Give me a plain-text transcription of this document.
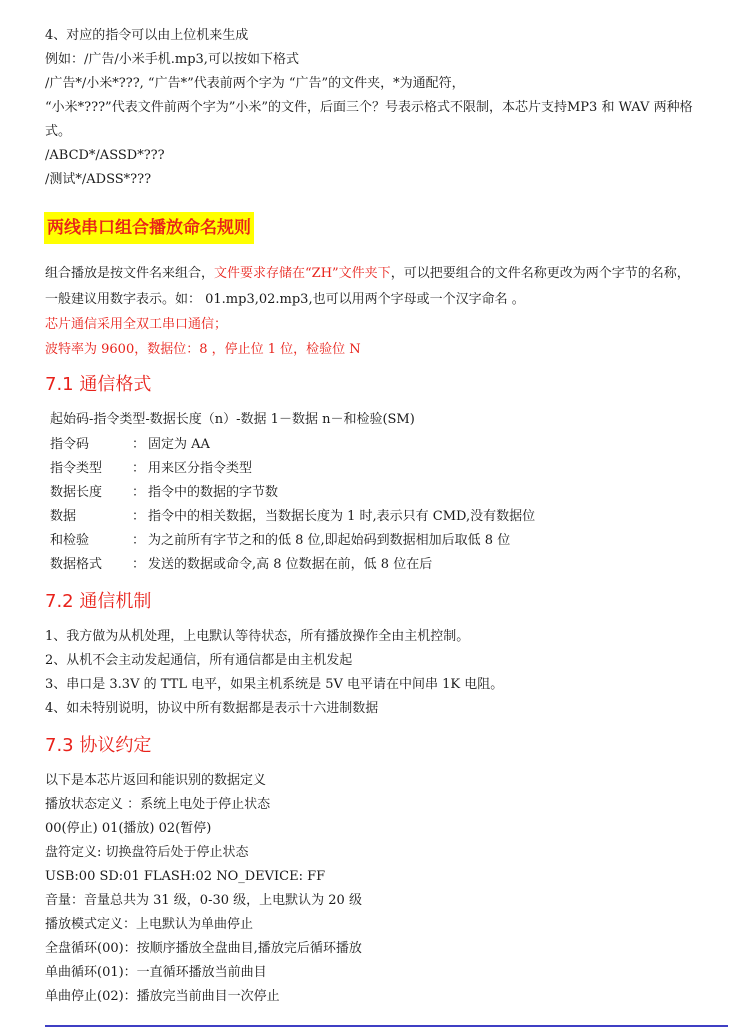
4、对应的指令可以由上位机来生成
例如：/广告/小米手机.mp3,可以按如下格式
/广告*/小米*???, “广告*”代表前两个字为 “广告”的文件夹，*为通配符，
“小米*???”代表文件前两个字为”小米”的文件，后面三个？号表示格式不限制，本芯片支持MP3 和 WAV 两种格
式。
/ABCD*/ASSD*???
/测试*/ADSS*???
两线串口组合播放命名规则
组合播放是按文件名来组合，文件要求存储在“ZH”文件夹下，可以把要组合的文件名称更改为两个字节的名称，
一般建议用数字表示。如： 01.mp3,02.mp3,也可以用两个字母或一个汉字命名 。
芯片通信采用全双工串口通信；
波特率为 9600，数据位：8 ，停止位 1 位，检验位 N
7.1 通信格式
起始码-指令类型-数据长度（n）-数据 1－数据 n－和检验(SM)
指令码	： 固定为 AA
指令类型 ： 用来区分指令类型
数据长度 ： 指令中的数据的字节数
数据	： 指令中的相关数据，当数据长度为 1 时,表示只有 CMD,没有数据位
和检验	： 为之前所有字节之和的低 8 位,即起始码到数据相加后取低 8 位
数据格式 ： 发送的数据或命令,高 8 位数据在前，低 8 位在后
7.2 通信机制
1、我方做为从机处理，上电默认等待状态，所有播放操作全由主机控制。
2、从机不会主动发起通信，所有通信都是由主机发起
3、串口是 3.3V 的 TTL 电平，如果主机系统是 5V 电平请在中间串 1K 电阻。
4、如未特别说明，协议中所有数据都是表示十六进制数据
7.3 协议约定
以下是本芯片返回和能识别的数据定义
播放状态定义 ：系统上电处于停止状态
00(停止) 01(播放) 02(暂停)
盘符定义: 切换盘符后处于停止状态
USB:00 SD:01 FLASH:02 NO_DEVICE: FF
音量：音量总共为 31 级，0-30 级，上电默认为 20 级
播放模式定义：上电默认为单曲停止
全盘循环(00)：按顺序播放全盘曲目,播放完后循环播放
单曲循环(01)：一直循环播放当前曲目
单曲停止(02)：播放完当前曲目一次停止
